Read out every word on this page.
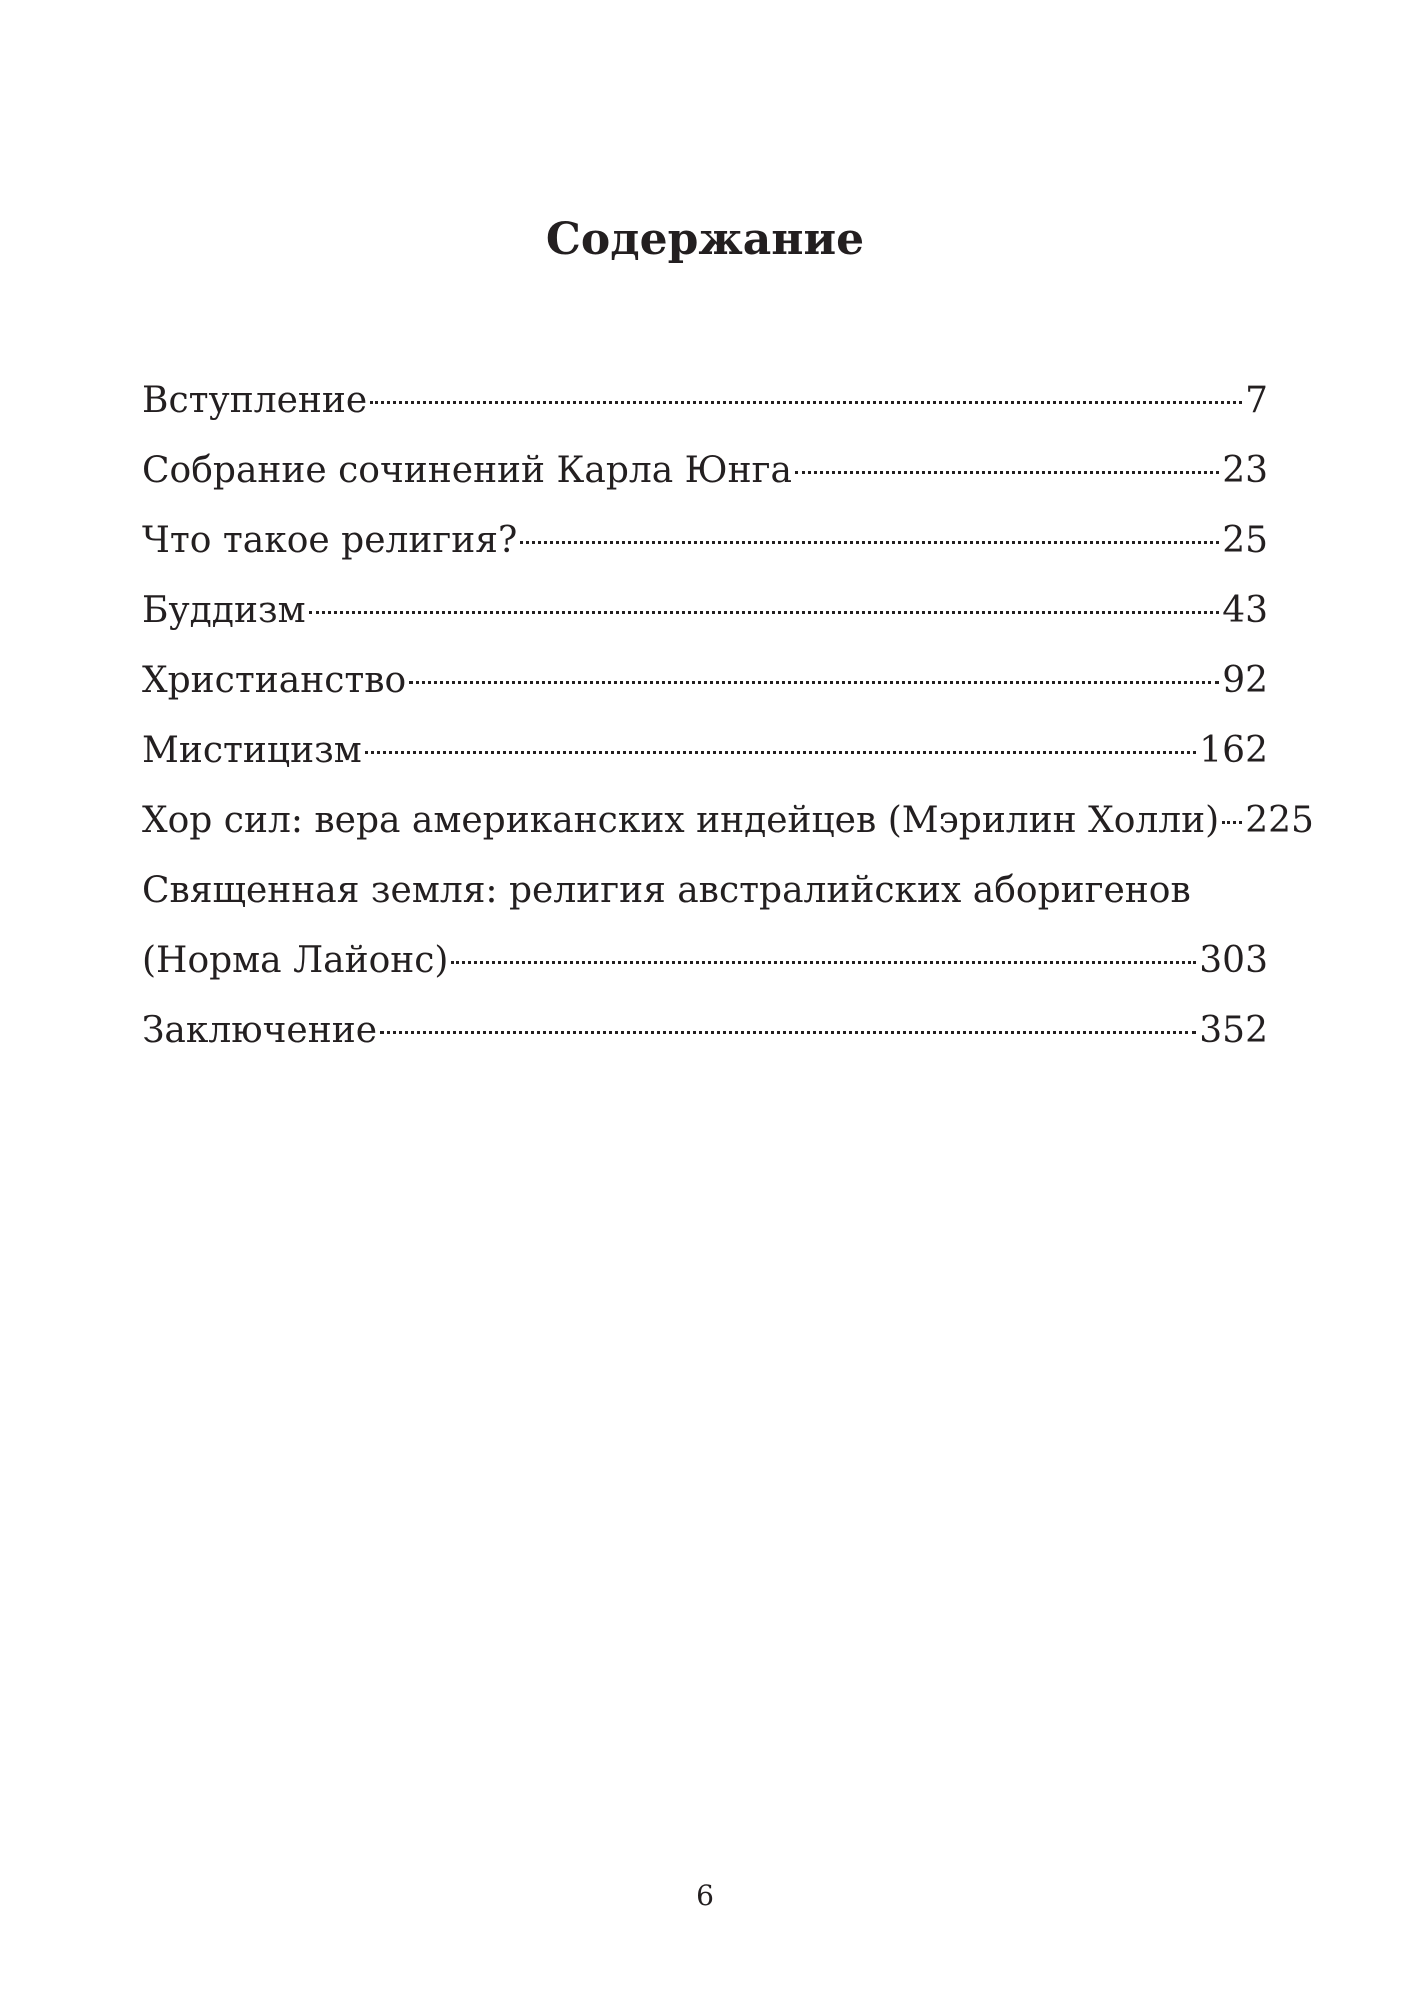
Содержание
Вступление	7
Собрание сочинений Карла Юнга	23
Что такое религия?	25
Буддизм	43
Христианство	92
Мистицизм	162
Хор сил: вера американских индейцев (Мэрилин Холли) 225
Священная земля: религия австралийских аборигенов
(Норма Лайонс)	303
Заключение	352
6
